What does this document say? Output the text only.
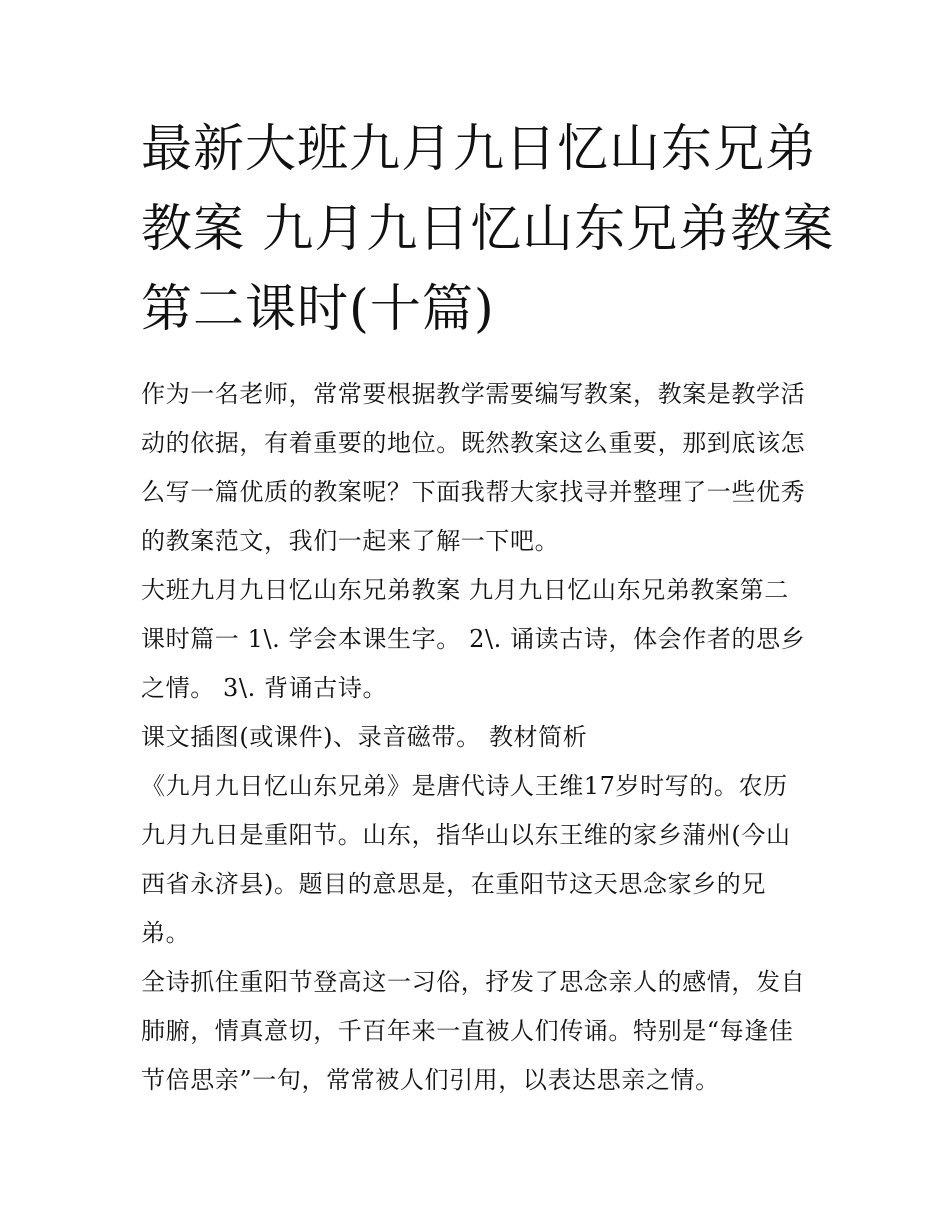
最新大班九月九日忆山东兄弟
教案 九月九日忆山东兄弟教案
第二课时(十篇)

作为一名老师，常常要根据教学需要编写教案，教案是教学活
动的依据，有着重要的地位。既然教案这么重要，那到底该怎
么写一篇优质的教案呢？下面我帮大家找寻并整理了一些优秀
的教案范文，我们一起来了解一下吧。

大班九月九日忆山东兄弟教案 九月九日忆山东兄弟教案第二
课时篇一 1\. 学会本课生字。 2\. 诵读古诗，体会作者的思乡
之情。 3\. 背诵古诗。

课文插图(或课件)、录音磁带。 教材简析

《九月九日忆山东兄弟》是唐代诗人王维17岁时写的。农历
九月九日是重阳节。山东，指华山以东王维的家乡蒲州(今山
西省永济县)。题目的意思是，在重阳节这天思念家乡的兄
弟。

全诗抓住重阳节登高这一习俗，抒发了思念亲人的感情，发自
肺腑，情真意切，千百年来一直被人们传诵。特别是“每逢佳
节倍思亲”一句，常常被人们引用，以表达思亲之情。
